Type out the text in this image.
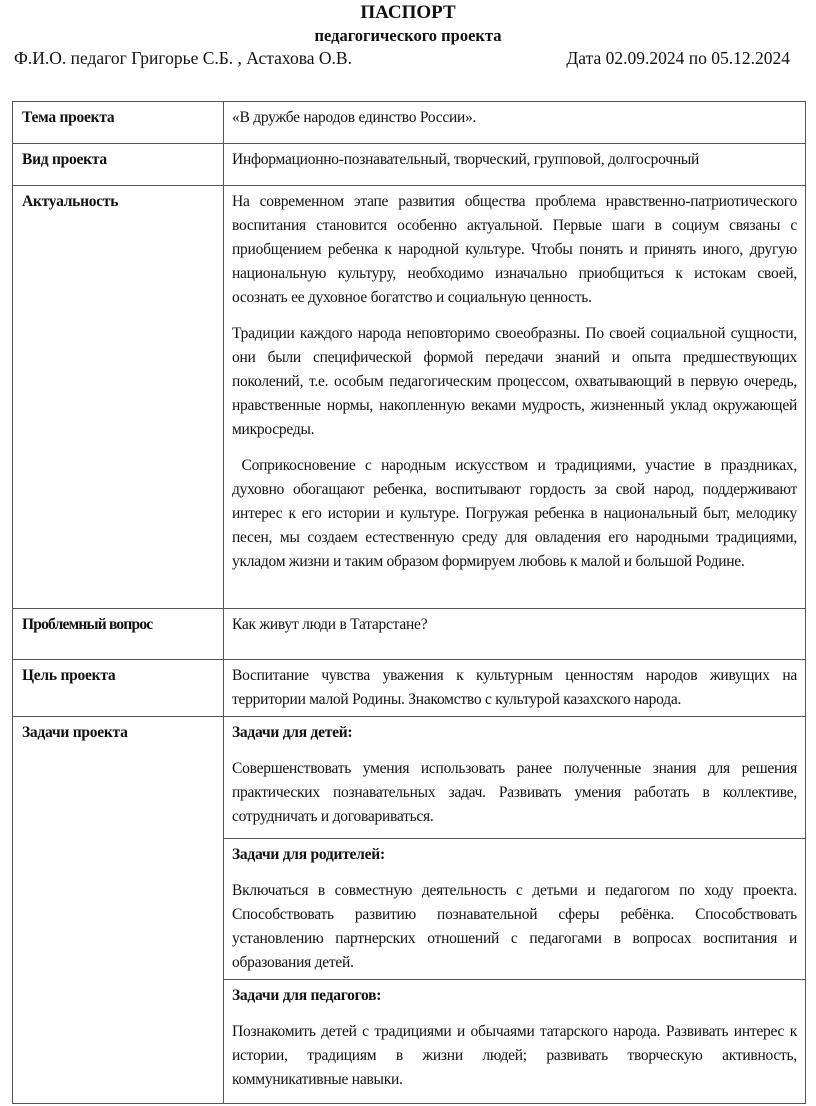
ПАСПОРТ
педагогического проекта
Ф.И.О. педагог Григорье С.Б. , Астахова О.В.	Дата 02.09.2024 по 05.12.2024
Тема проекта	«В дружбе народов единство России».
Вид проекта	Информационно-познавательный, творческий, групповой, долгосрочный
Актуальность	На современном этапе развития общества проблема нравственно-патриотического воспитания становится особенно актуальной. Первые шаги в социум связаны с приобщением ребенка к народной культуре. Чтобы понять и принять иного, другую национальную культуру, необходимо изначально приобщиться к истокам своей, осознать ее духовное богатство и социальную ценность.

Традиции каждого народа неповторимо своеобразны. По своей социальной сущности, они были специфической формой передачи знаний и опыта предшествующих поколений, т.е. особым педагогическим процессом, охватывающий в первую очередь, нравственные нормы, накопленную веками мудрость, жизненный уклад окружающей микросреды.

Соприкосновение с народным искусством и традициями, участие в праздниках, духовно обогащают ребенка, воспитывают гордость за свой народ, поддерживают интерес к его истории и культуре. Погружая ребенка в национальный быт, мелодику песен, мы создаем естественную среду для овладения его народными традициями, укладом жизни и таким образом формируем любовь к малой и большой Родине.

Проблемный вопрос	Как живут люди в Татарстане?
Цель проекта	Воспитание чувства уважения к культурным ценностям народов живущих на территории малой Родины. Знакомство с культурой казахского народа.
Задачи проекта	Задачи для детей:

Совершенствовать умения использовать ранее полученные знания для решения практических познавательных задач. Развивать умения работать в коллективе, сотрудничать и договариваться.

	Задачи для родителей:

Включаться в совместную деятельность с детьми и педагогом по ходу проекта. Способствовать развитию познавательной сферы ребёнка. Способствовать установлению партнерских отношений с педагогами в вопросах воспитания и образования детей.

	Задачи для педагогов:

Познакомить детей с традициями и обычаями татарского народа. Развивать интерес к истории, традициям в жизни людей; развивать творческую активность, коммуникативные навыки.
